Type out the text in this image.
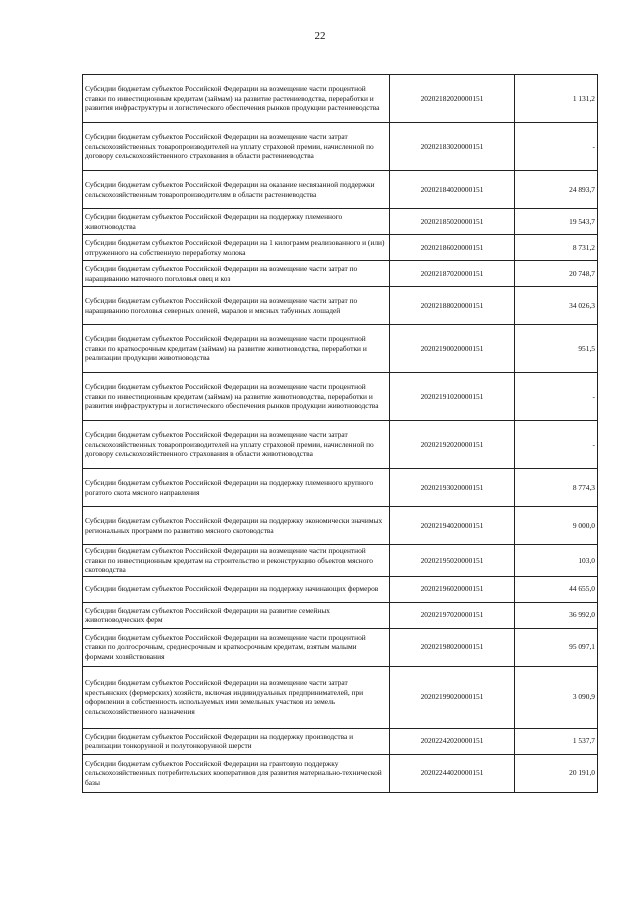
22
Субсидии бюджетам субъектов Российской Федерации на возмещение части процентной ставки по инвестиционным кредитам (займам) на развитие растениеводства, переработки и развития инфраструктуры и логистического обеспечения рынков продукции растениеводства	20202182020000151	1 131,2
Субсидии бюджетам субъектов Российской Федерации на возмещение части затрат сельскохозяйственных товаропроизводителей на уплату страховой премии, начисленной по договору сельскохозяйственного страхования в области растениеводства	20202183020000151	-
Субсидии бюджетам субъектов Российской Федерации на оказание несвязанной поддержки сельскохозяйственным товаропроизводителям в области растениеводства	20202184020000151	24 893,7
Субсидии бюджетам субъектов Российской Федерации на поддержку племенного животноводства	20202185020000151	19 543,7
Субсидии бюджетам субъектов Российской Федерации на 1 килограмм реализованного и (или) отгруженного на собственную переработку молока	20202186020000151	8 731,2
Субсидии бюджетам субъектов Российской Федерации на возмещение части затрат по наращиванию маточного поголовья овец и коз	20202187020000151	20 748,7
Субсидии бюджетам субъектов Российской Федерации на возмещение части затрат по наращиванию поголовья северных оленей, маралов и мясных табунных лошадей	20202188020000151	34 026,3
Субсидии бюджетам субъектов Российской Федерации на возмещение части процентной ставки по краткосрочным кредитам (займам) на развитие животноводства, переработки и реализации продукции животноводства	20202190020000151	951,5
Субсидии бюджетам субъектов Российской Федерации на возмещение части процентной ставки по инвестиционным кредитам (займам) на развитие животноводства, переработки и развития инфраструктуры и логистического обеспечения рынков продукции животноводства	20202191020000151	-
Субсидии бюджетам субъектов Российской Федерации на возмещение части затрат сельскохозяйственных товаропроизводителей на уплату страховой премии, начисленной по договору сельскохозяйственного страхования в области животноводства	20202192020000151	-
Субсидии бюджетам субъектов Российской Федерации на поддержку племенного крупного рогатого скота мясного направления	20202193020000151	8 774,3
Субсидии бюджетам субъектов Российской Федерации на поддержку экономически значимых региональных программ по развитию мясного скотоводства	20202194020000151	9 000,0
Субсидии бюджетам субъектов Российской Федерации на возмещение части процентной ставки по инвестиционным кредитам на строительство и реконструкцию объектов мясного скотоводства	20202195020000151	103,0
Субсидии бюджетам субъектов Российской Федерации на поддержку начинающих фермеров	20202196020000151	44 655,0
Субсидии бюджетам субъектов Российской Федерации на развитие семейных животноводческих ферм	20202197020000151	36 992,0
Субсидии бюджетам субъектов Российской Федерации на возмещение части процентной ставки по долгосрочным, среднесрочным и краткосрочным кредитам, взятым малыми формами хозяйствования	20202198020000151	95 097,1
Субсидии бюджетам субъектов Российской Федерации на возмещение части затрат крестьянских (фермерских) хозяйств, включая индивидуальных предпринимателей, при оформлении в собственность используемых ими земельных участков из земель сельскохозяйственного назначения	20202199020000151	3 090,9
Субсидии бюджетам субъектов Российской Федерации на поддержку производства и реализации тонкорунной и полутонкорунной шерсти	20202242020000151	1 537,7
Субсидии бюджетам субъектов Российской Федерации на грантовую поддержку сельскохозяйственных потребительских кооперативов для развития материально-технической базы	20202244020000151	20 191,0
